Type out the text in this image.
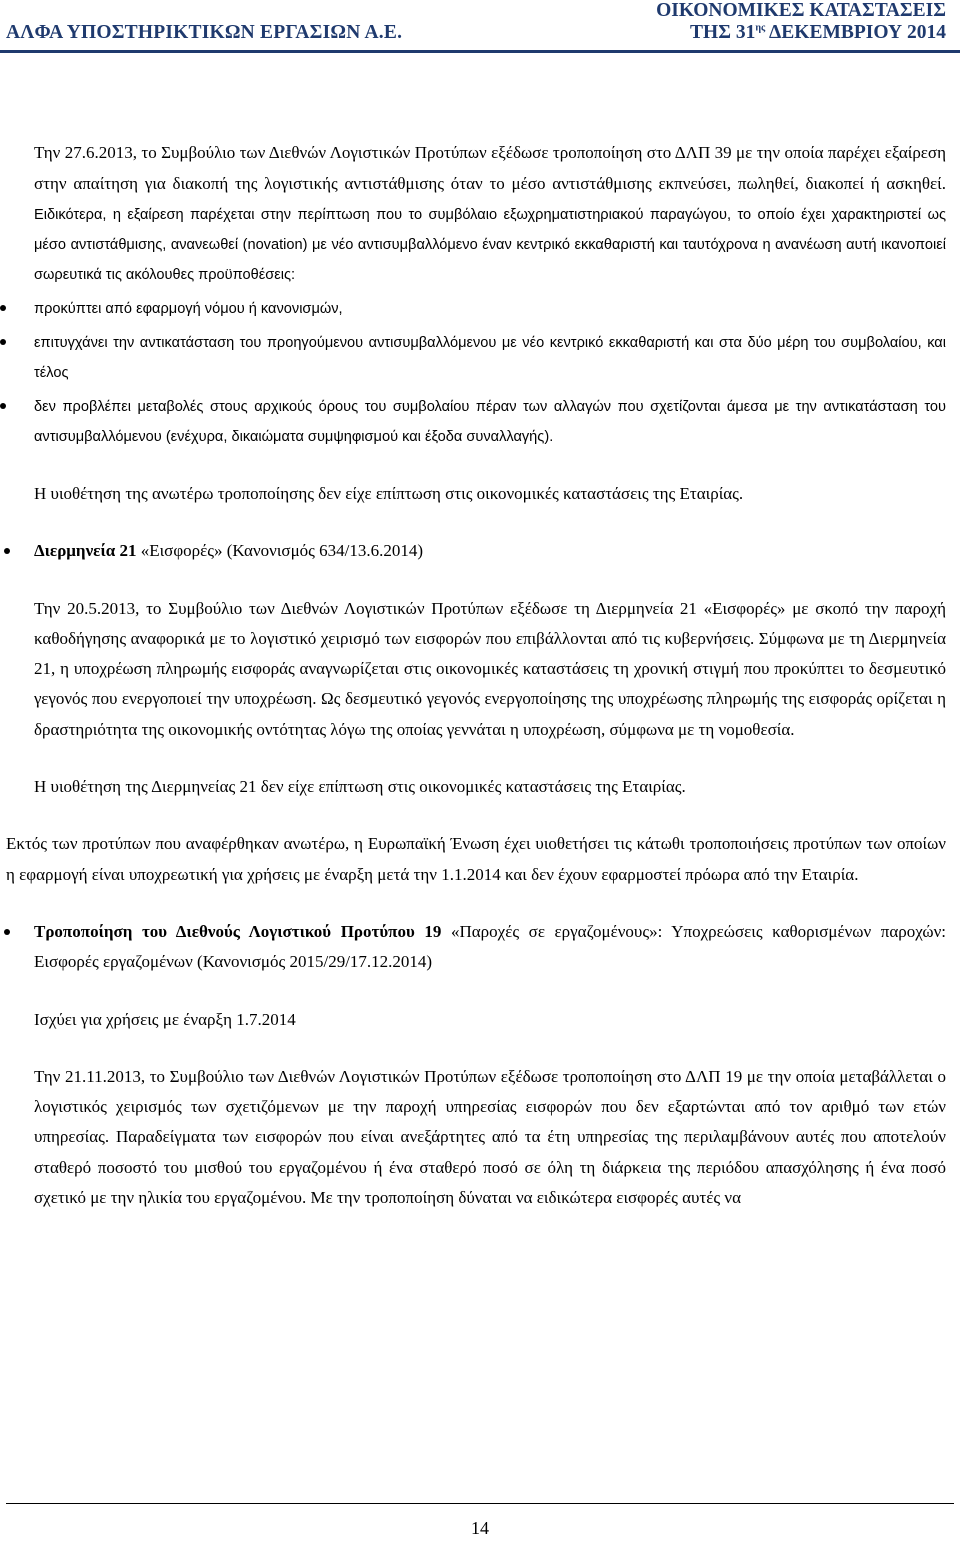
ΑΛΦΑ ΥΠΟΣΤΗΡΙΚΤΙΚΩΝ ΕΡΓΑΣΙΩΝ Α.Ε.
ΟΙΚΟΝΟΜΙΚΕΣ ΚΑΤΑΣΤΑΣΕΙΣ
ΤΗΣ $31^{\eta\varsigma}$ ΔΕΚΕΜΒΡΙΟΥ 2014

Την 27.6.2013, το Συμβούλιο των Διεθνών Λογιστικών Προτύπων εξέδωσε τροποποίηση στο ΔΛΠ 39 με την οποία παρέχει εξαίρεση στην απαίτηση για διακοπή της λογιστικής αντιστάθμισης όταν το μέσο αντιστάθμισης εκπνεύσει, πωληθεί, διακοπεί ή ασκηθεί. Ειδικότερα, η εξαίρεση παρέχεται στην περίπτωση που το συμβόλαιο εξωχρηματιστηριακού παραγώγου, το οποίο έχει χαρακτηριστεί ως μέσο αντιστάθμισης, ανανεωθεί (novation) με νέο αντισυμβαλλόμενο έναν κεντρικό εκκαθαριστή και ταυτόχρονα η ανανέωση αυτή ικανοποιεί σωρευτικά τις ακόλουθες προϋποθέσεις:

προκύπτει από εφαρμογή νόμου ή κανονισμών,
επιτυγχάνει την αντικατάσταση του προηγούμενου αντισυμβαλλόμενου με νέο κεντρικό εκκαθαριστή και στα δύο μέρη του συμβολαίου, και τέλος
δεν προβλέπει μεταβολές στους αρχικούς όρους του συμβολαίου πέραν των αλλαγών που σχετίζονται άμεσα με την αντικατάσταση του αντισυμβαλλόμενου (ενέχυρα, δικαιώματα συμψηφισμού και έξοδα συναλλαγής).

Η υιοθέτηση της ανωτέρω τροποποίησης δεν είχε επίπτωση στις οικονομικές καταστάσεις της Εταιρίας.

Διερμηνεία 21 «Εισφορές» (Κανονισμός 634/13.6.2014)

Την 20.5.2013, το Συμβούλιο των Διεθνών Λογιστικών Προτύπων εξέδωσε τη Διερμηνεία 21 «Εισφορές» με σκοπό την παροχή καθοδήγησης αναφορικά με το λογιστικό χειρισμό των εισφορών που επιβάλλονται από τις κυβερνήσεις. Σύμφωνα με τη Διερμηνεία 21, η υποχρέωση πληρωμής εισφοράς αναγνωρίζεται στις οικονομικές καταστάσεις τη χρονική στιγμή που προκύπτει το δεσμευτικό γεγονός που ενεργοποιεί την υποχρέωση. Ως δεσμευτικό γεγονός ενεργοποίησης της υποχρέωσης πληρωμής της εισφοράς ορίζεται η δραστηριότητα της οικονομικής οντότητας λόγω της οποίας γεννάται η υποχρέωση, σύμφωνα με τη νομοθεσία.

Η υιοθέτηση της Διερμηνείας 21 δεν είχε επίπτωση στις οικονομικές καταστάσεις της Εταιρίας.

Εκτός των προτύπων που αναφέρθηκαν ανωτέρω, η Ευρωπαϊκή Ένωση έχει υιοθετήσει τις κάτωθι τροποποιήσεις προτύπων των οποίων η εφαρμογή είναι υποχρεωτική για χρήσεις με έναρξη μετά την 1.1.2014 και δεν έχουν εφαρμοστεί πρόωρα από την Εταιρία.

Τροποποίηση του Διεθνούς Λογιστικού Προτύπου 19 «Παροχές σε εργαζομένους»: Υποχρεώσεις καθορισμένων παροχών: Εισφορές εργαζομένων (Κανονισμός 2015/29/17.12.2014)

Ισχύει για χρήσεις με έναρξη 1.7.2014

Την 21.11.2013, το Συμβούλιο των Διεθνών Λογιστικών Προτύπων εξέδωσε τροποποίηση στο ΔΛΠ 19 με την οποία μεταβάλλεται ο λογιστικός χειρισμός των σχετιζόμενων με την παροχή υπηρεσίας εισφορών που δεν εξαρτώνται από τον αριθμό των ετών υπηρεσίας. Παραδείγματα των εισφορών που είναι ανεξάρτητες από τα έτη υπηρεσίας της περιλαμβάνουν αυτές που αποτελούν σταθερό ποσοστό του μισθού του εργαζομένου ή ένα σταθερό ποσό σε όλη τη διάρκεια της περιόδου απασχόλησης ή ένα ποσό σχετικό με την ηλικία του εργαζομένου. Με την τροποποίηση δύναται να ειδικώτερα εισφορές αυτές να

14
